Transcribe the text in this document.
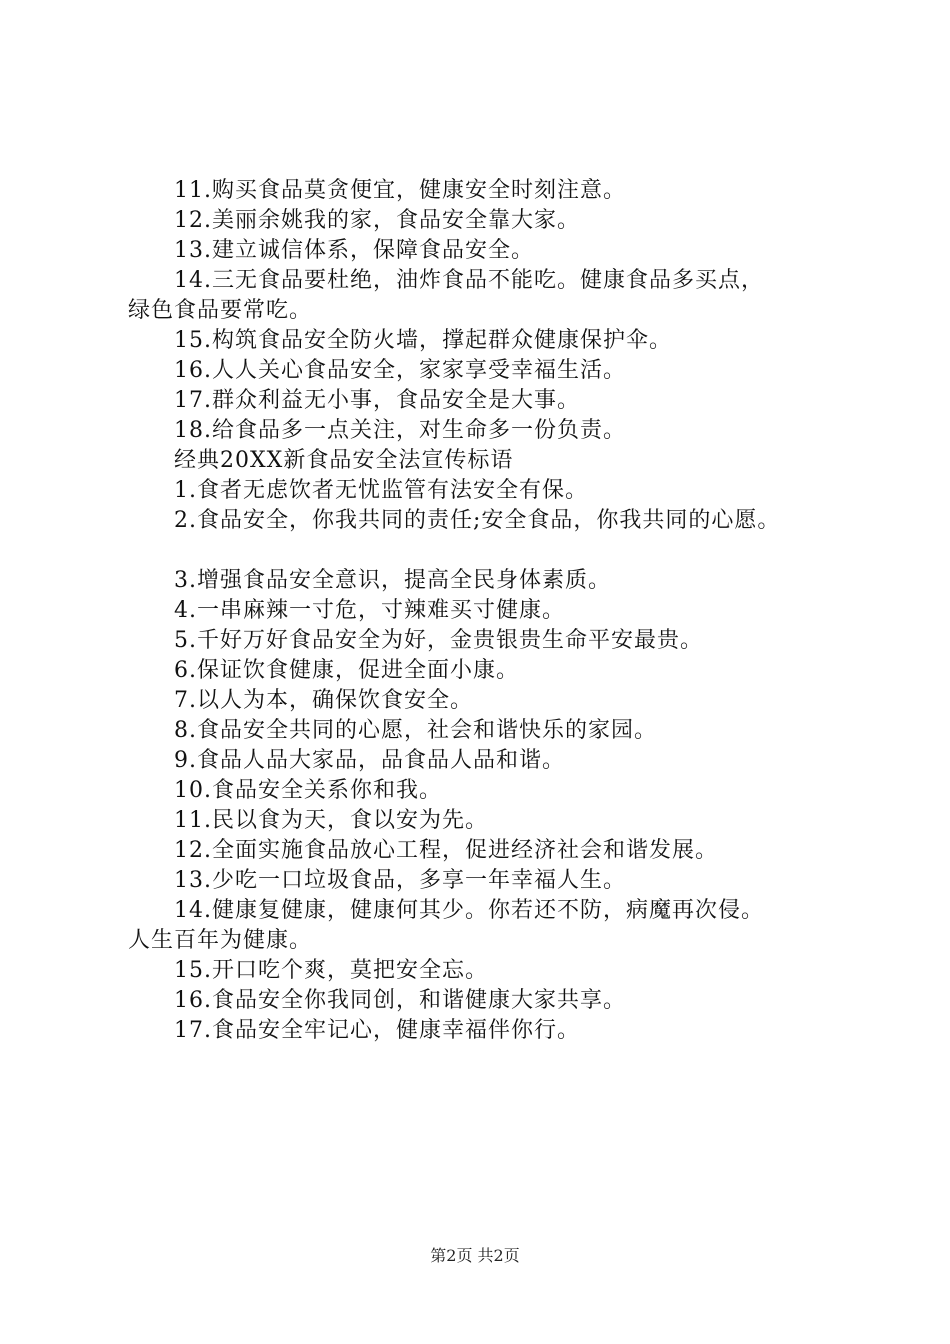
11.购买食品莫贪便宜，健康安全时刻注意。
12.美丽余姚我的家，食品安全靠大家。
13.建立诚信体系，保障食品安全。
14.三无食品要杜绝，油炸食品不能吃。健康食品多买点，
绿色食品要常吃。
15.构筑食品安全防火墙，撑起群众健康保护伞。
16.人人关心食品安全，家家享受幸福生活。
17.群众利益无小事，食品安全是大事。
18.给食品多一点关注，对生命多一份负责。
经典20XX新食品安全法宣传标语
1.食者无虑饮者无忧监管有法安全有保。
2.食品安全，你我共同的责任;安全食品，你我共同的心愿。
3.增强食品安全意识，提高全民身体素质。
4.一串麻辣一寸危，寸辣难买寸健康。
5.千好万好食品安全为好，金贵银贵生命平安最贵。
6.保证饮食健康，促进全面小康。
7.以人为本，确保饮食安全。
8.食品安全共同的心愿，社会和谐快乐的家园。
9.食品人品大家品，品食品人品和谐。
10.食品安全关系你和我。
11.民以食为天，食以安为先。
12.全面实施食品放心工程，促进经济社会和谐发展。
13.少吃一口垃圾食品，多享一年幸福人生。
14.健康复健康，健康何其少。你若还不防，病魔再次侵。
人生百年为健康。
15.开口吃个爽，莫把安全忘。
16.食品安全你我同创，和谐健康大家共享。
17.食品安全牢记心，健康幸福伴你行。
第2页 共2页
